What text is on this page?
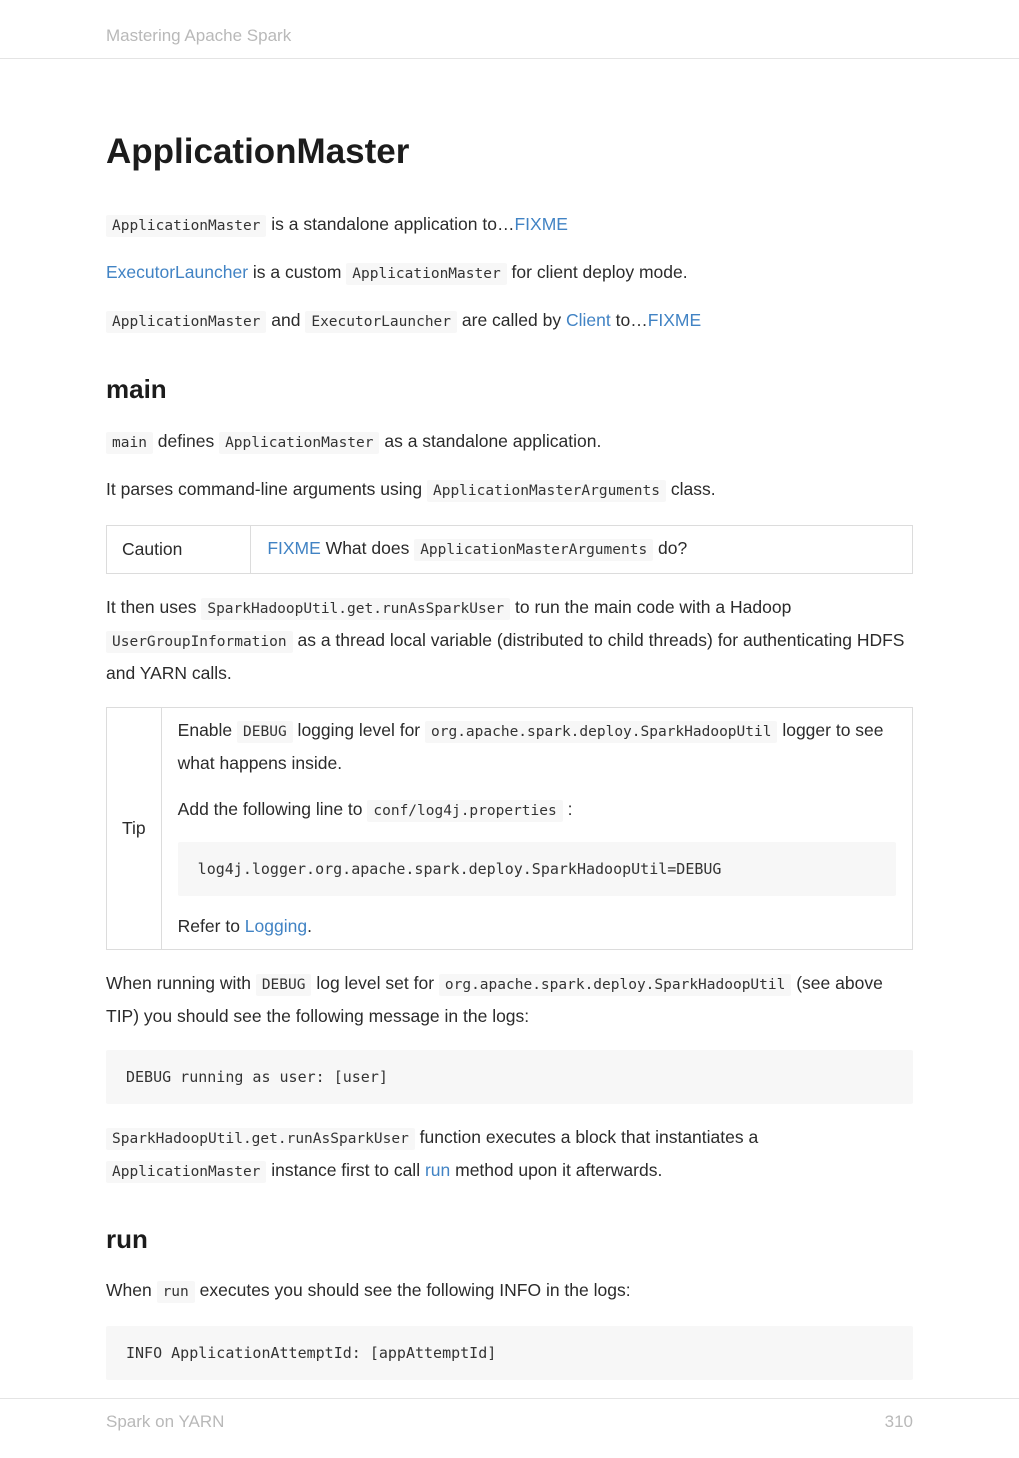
Mastering Apache Spark
ApplicationMaster

ApplicationMaster is a standalone application to…FIXME

ExecutorLauncher is a custom ApplicationMaster for client deploy mode.

ApplicationMaster and ExecutorLauncher are called by Client to…FIXME

main

main defines ApplicationMaster as a standalone application.

It parses command-line arguments using ApplicationMasterArguments class.

Caution	FIXME What does ApplicationMasterArguments do?

It then uses SparkHadoopUtil.get.runAsSparkUser to run the main code with a Hadoop UserGroupInformation as a thread local variable (distributed to child threads) for authenticating HDFS and YARN calls.

Tip

Enable DEBUG logging level for org.apache.spark.deploy.SparkHadoopUtil logger to see what happens inside.

Add the following line to conf/log4j.properties :

log4j.logger.org.apache.spark.deploy.SparkHadoopUtil=DEBUG

Refer to Logging.

When running with DEBUG log level set for org.apache.spark.deploy.SparkHadoopUtil (see above TIP) you should see the following message in the logs:

DEBUG running as user: [user]

SparkHadoopUtil.get.runAsSparkUser function executes a block that instantiates a ApplicationMaster instance first to call run method upon it afterwards.

run

When run executes you should see the following INFO in the logs:

INFO ApplicationAttemptId: [appAttemptId]
Spark on YARN	310
